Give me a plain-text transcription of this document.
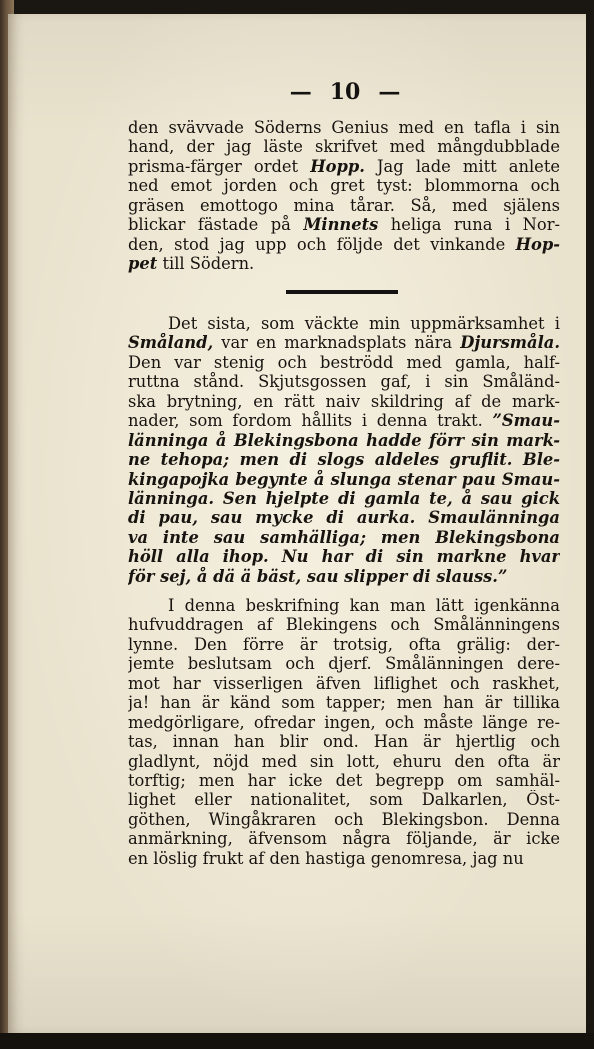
— 10 —
den svävvade Söderns Genius med en tafla i sin
hand, der jag läste skrifvet med mångdubblade
prisma-färger ordet Hopp. Jag lade mitt anlete
ned emot jorden och gret tyst: blommorna och
gräsen emottogo mina tårar. Så, med själens
blickar fästade på Minnets heliga runa i Nor-
den, stod jag upp och följde det vinkande Hop-
pet till Södern.
Det sista, som väckte min uppmärksamhet i
Småland, var en marknadsplats nära Djursmåla.
Den var stenig och beströdd med gamla, half-
ruttna stånd. Skjutsgossen gaf, i sin Småländ-
ska brytning, en rätt naiv skildring af de mark-
nader, som fordom hållits i denna trakt. ”Smau-
länninga å Blekingsbona hadde förr sin mark-
ne tehopa; men di slogs aldeles gruflit. Ble-
kingapojka begynte å slunga stenar pau Smau-
länninga. Sen hjelpte di gamla te, å sau gick
di pau, sau mycke di aurka. Smaulänninga
va inte sau samhälliga; men Blekingsbona
höll alla ihop. Nu har di sin markne hvar
för sej, å dä ä bäst, sau slipper di slauss.”
I denna beskrifning kan man lätt igenkänna
hufvuddragen af Blekingens och Smålänningens
lynne. Den förre är trotsig, ofta grälig: der-
jemte beslutsam och djerf. Smålänningen dere-
mot har visserligen äfven liflighet och raskhet,
ja! han är känd som tapper; men han är tillika
medgörligare, ofredar ingen, och måste länge re-
tas, innan han blir ond. Han är hjertlig och
gladlynt, nöjd med sin lott, ehuru den ofta är
torftig; men har icke det begrepp om samhäl-
lighet eller nationalitet, som Dalkarlen, Öst-
göthen, Wingåkraren och Blekingsbon. Denna
anmärkning, äfvensom några följande, är icke
en löslig frukt af den hastiga genomresa, jag nu
